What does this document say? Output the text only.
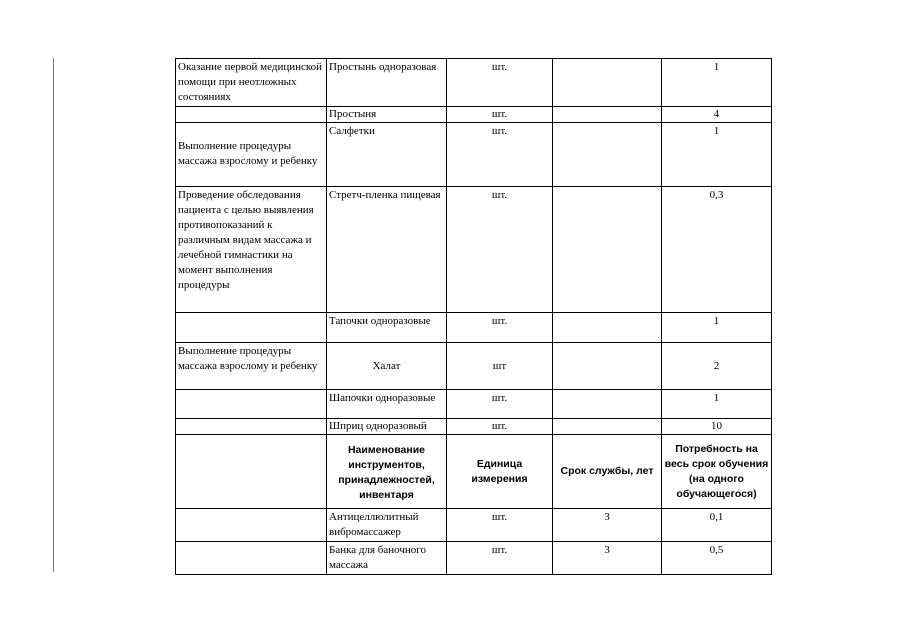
Оказание первой медицинской помощи при неотложных состояниях	Простынь одноразовая	шт.		1
	Простыня	шт.		4

Выполнение процедуры массажа взрослому и ребенку	Салфетки	шт.		1
Проведение обследования пациента с целью выявления противопоказаний к различным видам массажа и лечебной гимнастики на момент выполнения процедуры	Стретч-пленка пищевая	шт.		0,3
	Тапочки одноразовые	шт.		1
Выполнение процедуры массажа взрослому и ребенку	Халат	шт		2
	Шапочки одноразовые	шт.		1
	Шприц одноразовый	шт.		10
	Наименование инструментов, принадлежностей, инвентаря	Единица измерения	Срок службы, лет	Потребность на весь срок обучения (на одного обучающегося)
	Антицеллюлитный вибромассажер	шт.	3	0,1
	Банка для баночного массажа	шт.	3	0,5
